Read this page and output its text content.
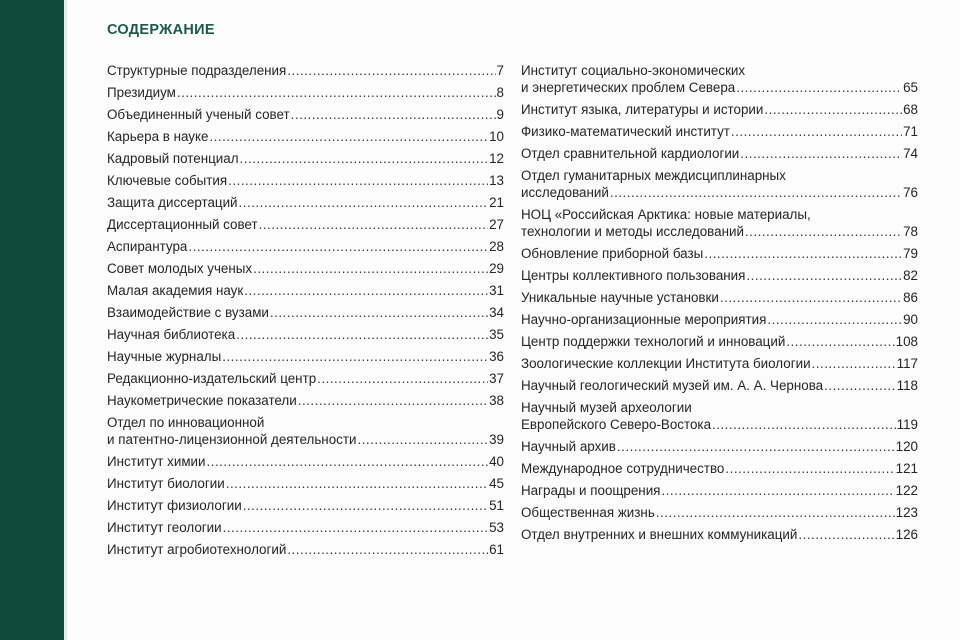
СОДЕРЖАНИЕ
Структурные подразделения .....	7
Президиум .....	8
Объединенный ученый совет .....	9
Карьера в науке .....	10
Кадровый потенциал .....	12
Ключевые события .....	13
Защита диссертаций .....	21
Диссертационный совет .....	27
Аспирантура .....	28
Совет молодых ученых .....	29
Малая академия наук .....	31
Взаимодействие с вузами .....	34
Научная библиотека .....	35
Научные журналы .....	36
Редакционно-издательский центр .....	37
Наукометрические показатели .....	38
Отдел по инновационной
и патентно-лицензионной деятельности .....	39
Институт химии .....	40
Институт биологии .....	45
Институт физиологии .....	51
Институт геологии .....	53
Институт агробиотехнологий .....	61
Институт социально-экономических
и энергетических проблем Севера .....	65
Институт языка, литературы и истории .....	68
Физико-математический институт .....	71
Отдел сравнительной кардиологии .....	74
Отдел гуманитарных междисциплинарных
исследований .....	76
НОЦ «Российская Арктика: новые материалы,
технологии и методы исследований .....	78
Обновление приборной базы .....	79
Центры коллективного пользования .....	82
Уникальные научные установки .....	86
Научно-организационные мероприятия .....	90
Центр поддержки технологий и инноваций .....	108
Зоологические коллекции Института биологии .....	117
Научный геологический музей им. А. А. Чернова .....	118
Научный музей археологии
Европейского Северо-Востока .....	119
Научный архив .....	120
Международное сотрудничество .....	121
Награды и поощрения .....	122
Общественная жизнь .....	123
Отдел внутренних и внешних коммуникаций .....	126
